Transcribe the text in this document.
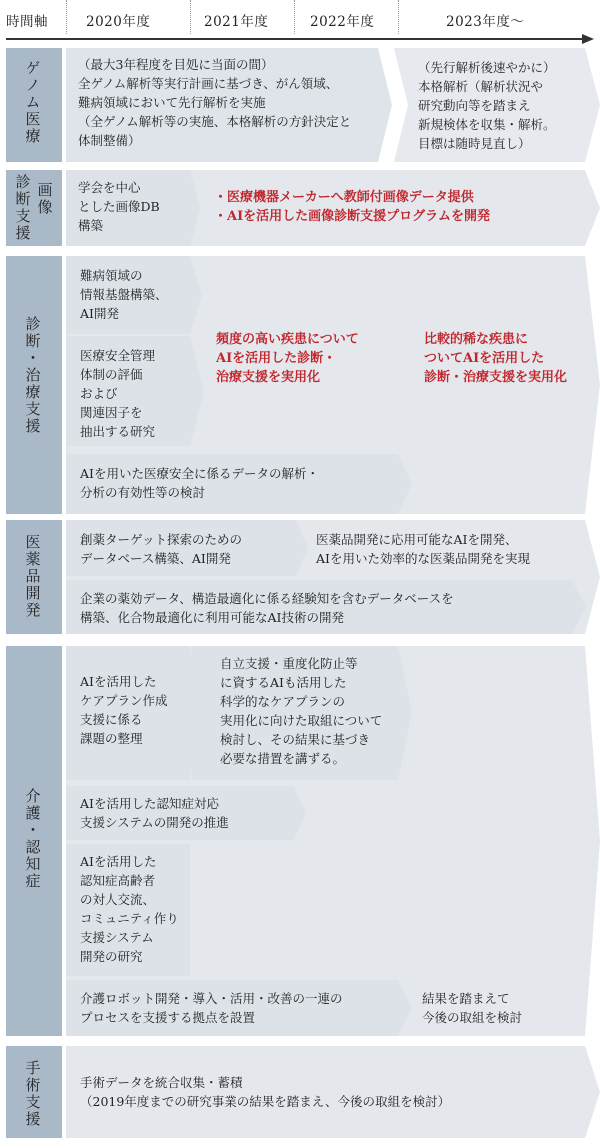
時間軸	2020年度	2021年度	2022年度	2023年度〜
ゲノム医療
画像
診断支援
診断・治療支援
医薬品開発
介護・認知症
手術支援
（最大3年程度を目処に当面の間）
全ゲノム解析等実行計画に基づき、がん領域、
難病領域において先行解析を実施
（全ゲノム解析等の実施、本格解析の方針決定と
体制整備）
（先行解析後速やかに）
本格解析（解析状況や
研究動向等を踏まえ
新規検体を収集・解析。
目標は随時見直し）
学会を中心
とした画像DB
構築
・医療機器メーカーへ教師付画像データ提供
・AIを活用した画像診断支援プログラムを開発
難病領域の
情報基盤構築、
AI開発
医療安全管理
体制の評価
および
関連因子を
抽出する研究
頻度の高い疾患について
AIを活用した診断・
治療支援を実用化
比較的稀な疾患に
ついてAIを活用した
診断・治療支援を実用化
AIを用いた医療安全に係るデータの解析・
分析の有効性等の検討
創薬ターゲット探索のための
データベース構築、AI開発
医薬品開発に応用可能なAIを開発、
AIを用いた効率的な医薬品開発を実現
企業の薬効データ、構造最適化に係る経験知を含むデータベースを
構築、化合物最適化に利用可能なAI技術の開発
AIを活用した
ケアプラン作成
支援に係る
課題の整理
自立支援・重度化防止等
に資するAIも活用した
科学的なケアプランの
実用化に向けた取組について
検討し、その結果に基づき
必要な措置を講ずる。
AIを活用した認知症対応
支援システムの開発の推進
AIを活用した
認知症高齢者
の対人交流、
コミュニティ作り
支援システム
開発の研究
介護ロボット開発・導入・活用・改善の一連の
プロセスを支援する拠点を設置
結果を踏まえて
今後の取組を検討
手術データを統合収集・蓄積
（2019年度までの研究事業の結果を踏まえ、今後の取組を検討）
